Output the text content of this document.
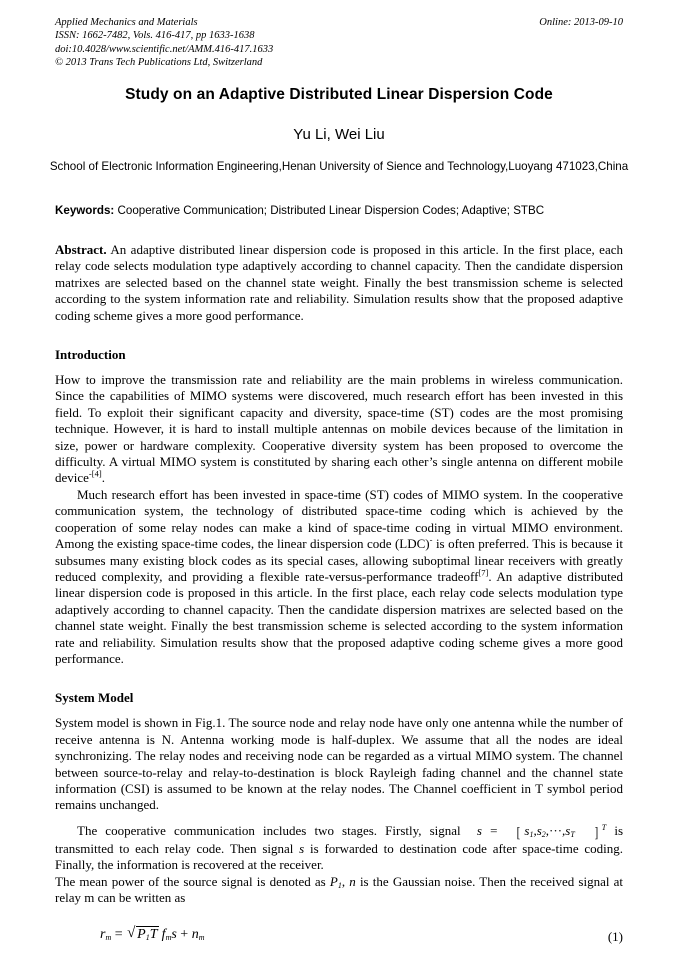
Applied Mechanics and Materials
ISSN: 1662-7482, Vols. 416-417, pp 1633-1638
doi:10.4028/www.scientific.net/AMM.416-417.1633
© 2013 Trans Tech Publications Ltd, Switzerland
Online: 2013-09-10
Study on an Adaptive Distributed Linear Dispersion Code
Yu Li, Wei Liu
School of Electronic Information Engineering,Henan University of Sience and Technology,Luoyang 471023,China
Keywords: Cooperative Communication; Distributed Linear Dispersion Codes; Adaptive; STBC
Abstract. An adaptive distributed linear dispersion code is proposed in this article. In the first place, each relay code selects modulation type adaptively according to channel capacity. Then the candidate dispersion matrixes are selected based on the channel state weight. Finally the best transmission scheme is selected according to the system information rate and reliability. Simulation results show that the proposed adaptive coding scheme gives a more good performance.
Introduction

How to improve the transmission rate and reliability are the main problems in wireless communication. Since the capabilities of MIMO systems were discovered, much research effort has been invested in this field. To exploit their significant capacity and diversity, space-time (ST) codes are the most promising technique. However, it is hard to install multiple antennas on mobile devices because of the limitation in size, power or hardware complexity. Cooperative diversity system has been proposed to overcome the difficulty. A virtual MIMO system is constituted by sharing each other’s single antenna on different mobile device$^{-[4]}$.

Much research effort has been invested in space-time (ST) codes of MIMO system. In the cooperative communication system, the technology of distributed space-time coding which is achieved by the cooperation of some relay nodes can make a kind of space-time coding in virtual MIMO environment. Among the existing space-time codes, the linear dispersion code (LDC)- is often preferred. This is because it subsumes many existing block codes as its special cases, allowing suboptimal linear receivers with greatly reduced complexity, and providing a flexible rate-versus-performance tradeoff[7]. An adaptive distributed linear dispersion code is proposed in this article. In the first place, each relay code selects modulation type adaptively according to channel capacity. Then the candidate dispersion matrixes are selected based on the channel state weight. Finally the best transmission scheme is selected according to the system information rate and reliability. Simulation results show that the proposed adaptive coding scheme gives a more good performance.

System Model

System model is shown in Fig.1. The source node and relay node have only one antenna while the number of receive antenna is N. Antenna working mode is half-duplex. We assume that all the nodes are ideal synchronizing. The relay nodes and receiving node can be regarded as a virtual MIMO system. The channel between source-to-relay and relay-to-destination is block Rayleigh fading channel and the channel state information (CSI) is assumed to be known at the relay nodes. The Channel coefficient in T symbol period remains unchanged.

The cooperative communication includes two stages. Firstly, signal s = [ $s_1,s_2,\cdot\cdot\cdot,s_T$ ] $^T$ is transmitted to each relay code. Then signal s is forwarded to destination code after space-time coding. Finally, the information is recovered at the receiver.

The mean power of the source signal is denoted as $P_1$, n is the Gaussian noise. Then the received signal at relay m can be written as

$r_m$ = √ $P_1T$ $f_ms + n_m$	(1)
